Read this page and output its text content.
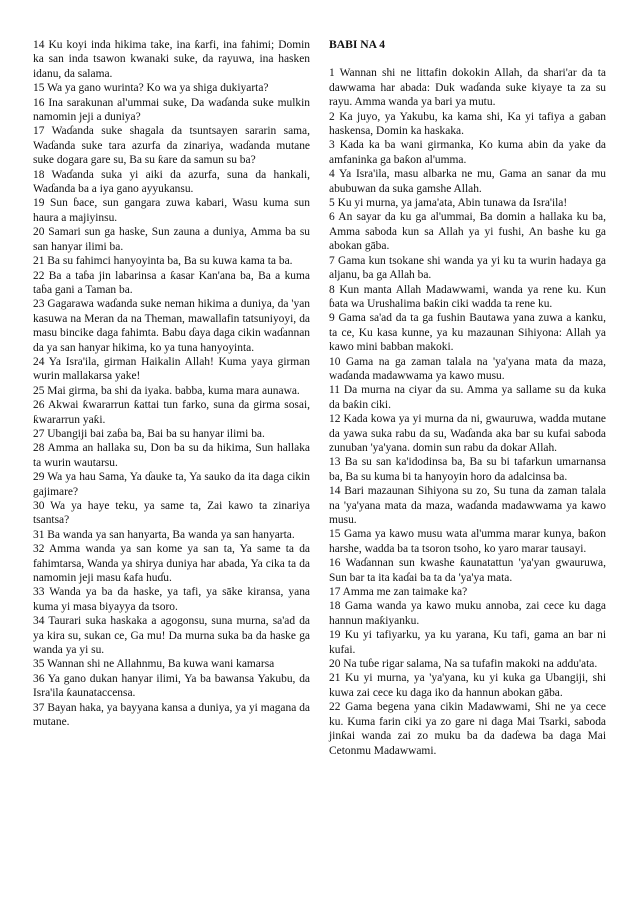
14 Ku koyi inda hikima take, ina ƙarfi, ina fahimi; Domin ka san inda tsawon kwanaki suke, da rayuwa, ina hasken idanu, da salama.

15 Wa ya gano wurinta? Ko wa ya shiga dukiyarta?

16 Ina sarakunan al'ummai suke, Da waɗanda suke mulkin namomin jeji a duniya?

17 Waɗanda suke shagala da tsuntsayen sararin sama, Waɗanda suke tara azurfa da zinariya, waɗanda mutane suke dogara gare su, Ba su ƙare da samun su ba?

18 Waɗanda suka yi aiki da azurfa, suna da hankali, Waɗanda ba a iya gano ayyukansu.

19 Sun ɓace, sun gangara zuwa kabari, Wasu kuma sun haura a majiyinsu.

20 Samari sun ga haske, Sun zauna a duniya, Amma ba su san hanyar ilimi ba.

21 Ba su fahimci hanyoyinta ba, Ba su kuwa kama ta ba.

22 Ba a taɓa jin labarinsa a ƙasar Kan'ana ba, Ba a kuma taɓa gani a Taman ba.

23 Gagarawa waɗanda suke neman hikima a duniya, da 'yan kasuwa na Meran da na Theman, mawallafin tatsuniyoyi, da masu bincike daga fahimta. Babu ɗaya daga cikin waɗannan da ya san hanyar hikima, ko ya tuna hanyoyinta.

24 Ya Isra'ila, girman Haikalin Allah! Kuma yaya girman wurin mallakarsa yake!

25 Mai girma, ba shi da iyaka. babba, kuma mara aunawa.

26 Akwai ƙwararrun ƙattai tun farko, suna da girma sosai, ƙwararrun yaƙi.

27 Ubangiji bai zaɓa ba, Bai ba su hanyar ilimi ba.

28 Amma an hallaka su, Don ba su da hikima, Sun hallaka ta wurin wautarsu.

29 Wa ya hau Sama, Ya ɗauke ta, Ya sauko da ita daga cikin gajimare?

30 Wa ya haye teku, ya same ta, Zai kawo ta zinariya tsantsa?

31 Ba wanda ya san hanyarta, Ba wanda ya san hanyarta.

32 Amma wanda ya san kome ya san ta, Ya same ta da fahimtarsa, Wanda ya shirya duniya har abada, Ya cika ta da namomin jeji masu ƙafa huɗu.

33 Wanda ya ba da haske, ya tafi, ya sāke kiransa, yana kuma yi masa biyayya da tsoro.

34 Taurari suka haskaka a agogonsu, suna murna, sa'ad da ya kira su, sukan ce, Ga mu! Da murna suka ba da haske ga wanda ya yi su.

35 Wannan shi ne Allahnmu, Ba kuwa wani kamarsa

36 Ya gano dukan hanyar ilimi, Ya ba bawansa Yakubu, da Isra'ila ƙaunataccensa.

37 Bayan haka, ya bayyana kansa a duniya, ya yi magana da mutane.

BABI NA 4

1 Wannan shi ne littafin dokokin Allah, da shari'ar da ta dawwama har abada: Duk waɗanda suke kiyaye ta za su rayu. Amma wanda ya bari ya mutu.

2 Ka juyo, ya Yakubu, ka kama shi, Ka yi tafiya a gaban haskensa, Domin ka haskaka.

3 Kada ka ba wani girmanka, Ko kuma abin da yake da amfaninka ga baƙon al'umma.

4 Ya Isra'ila, masu albarka ne mu, Gama an sanar da mu abubuwan da suka gamshe Allah.

5 Ku yi murna, ya jama'ata, Abin tunawa da Isra'ila!

6 An sayar da ku ga al'ummai, Ba domin a hallaka ku ba, Amma saboda kun sa Allah ya yi fushi, An bashe ku ga abokan gāba.

7 Gama kun tsokane shi wanda ya yi ku ta wurin hadaya ga aljanu, ba ga Allah ba.

8 Kun manta Allah Madawwami, wanda ya rene ku. Kun ɓata wa Urushalima baƙin ciki wadda ta rene ku.

9 Gama sa'ad da ta ga fushin Bautawa yana zuwa a kanku, ta ce, Ku kasa kunne, ya ku mazaunan Sihiyona: Allah ya kawo mini babban makoki.

10 Gama na ga zaman talala na 'ya'yana mata da maza, waɗanda madawwama ya kawo musu.

11 Da murna na ciyar da su. Amma ya sallame su da kuka da baƙin ciki.

12 Kada kowa ya yi murna da ni, gwauruwa, wadda mutane da yawa suka rabu da su, Waɗanda aka bar su kufai saboda zunuban 'ya'yana. domin sun rabu da dokar Allah.

13 Ba su san ka'idodinsa ba, Ba su bi tafarkun umarnansa ba, Ba su kuma bi ta hanyoyin horo da adalcinsa ba.

14 Bari mazaunan Sihiyona su zo, Su tuna da zaman talala na 'ya'yana mata da maza, waɗanda madawwama ya kawo musu.

15 Gama ya kawo musu wata al'umma marar kunya, baƙon harshe, wadda ba ta tsoron tsoho, ko yaro marar tausayi.

16 Waɗannan sun kwashe ƙaunatattun 'ya'yan gwauruwa, Sun bar ta ita kaɗai ba ta da 'ya'ya mata.

17 Amma me zan taimake ka?

18 Gama wanda ya kawo muku annoba, zai cece ku daga hannun maƙiyanku.

19 Ku yi tafiyarku, ya ku yarana, Ku tafi, gama an bar ni kufai.

20 Na tuɓe rigar salama, Na sa tufafin makoki na addu'ata.

21 Ku yi murna, ya 'ya'yana, ku yi kuka ga Ubangiji, shi kuwa zai cece ku daga iko da hannun abokan gāba.

22 Gama begena yana cikin Madawwami, Shi ne ya cece ku. Kuma farin ciki ya zo gare ni daga Mai Tsarki, saboda jinƙai wanda zai zo muku ba da daɗewa ba daga Mai Cetonmu Madawwami.
